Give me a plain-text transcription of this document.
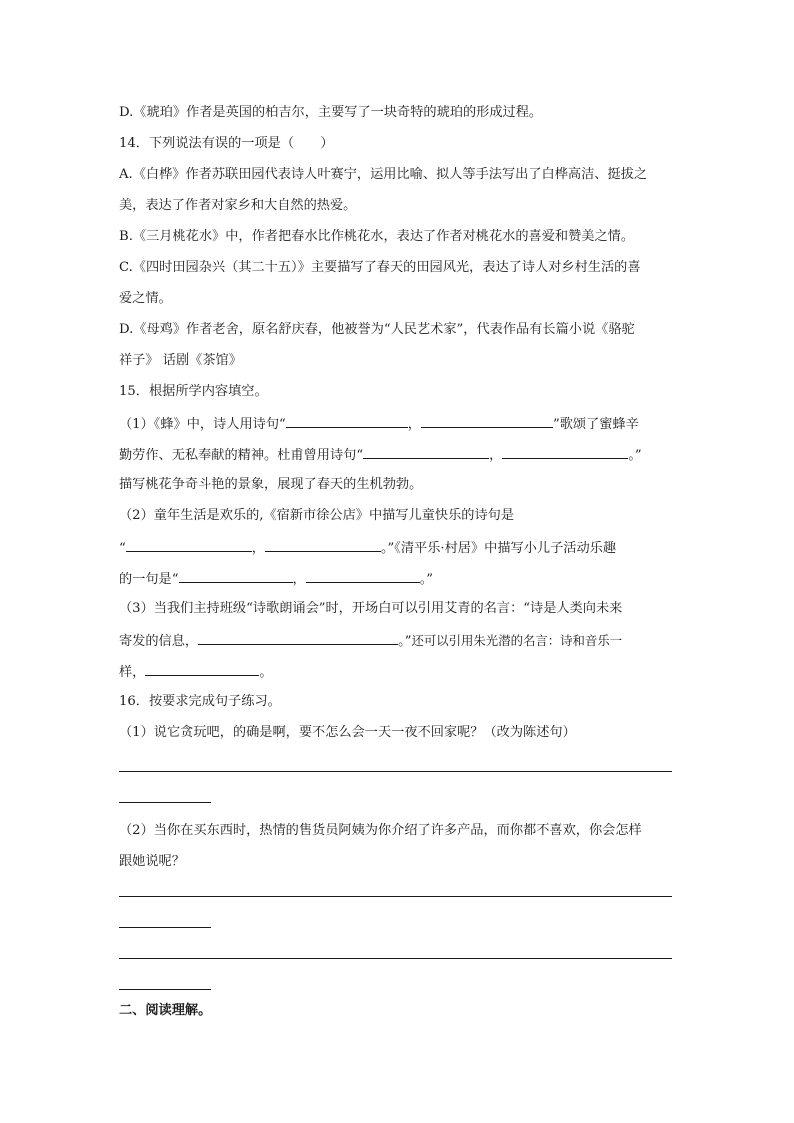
D.《琥珀》作者是英国的柏吉尔，主要写了一块奇特的琥珀的形成过程。
14．下列说法有误的一项是（　　）
A.《白桦》作者苏联田园代表诗人叶赛宁，运用比喻、拟人等手法写出了白桦高洁、挺拔之
美，表达了作者对家乡和大自然的热爱。
B.《三月桃花水》中，作者把春水比作桃花水，表达了作者对桃花水的喜爱和赞美之情。
C.《四时田园杂兴（其二十五）》主要描写了春天的田园风光，表达了诗人对乡村生活的喜
爱之情。
D.《母鸡》作者老舍，原名舒庆春，他被誉为“人民艺术家”，代表作品有长篇小说《骆驼
祥子》 话剧《茶馆》
15．根据所学内容填空。
（1）《蜂》中，诗人用诗句“	，	”歌颂了蜜蜂辛
勤劳作、无私奉献的精神。杜甫曾用诗句“	，	。”
描写桃花争奇斗艳的景象，展现了春天的生机勃勃。
（2）童年生活是欢乐的,《宿新市徐公店》中描写儿童快乐的诗句是
“	，	。”《清平乐·村居》中描写小儿子活动乐趣
的一句是“	，	。”
（3）当我们主持班级“诗歌朗诵会”时，开场白可以引用艾青的名言：“诗是人类向未来
寄发的信息，	。”还可以引用朱光潜的名言：诗和音乐一
样，	。
16．按要求完成句子练习。
（1）说它贪玩吧，的确是啊，要不怎么会一天一夜不回家呢？（改为陈述句）
（2）当你在买东西时，热情的售货员阿姨为你介绍了许多产品，而你都不喜欢，你会怎样
跟她说呢？
二、阅读理解。
